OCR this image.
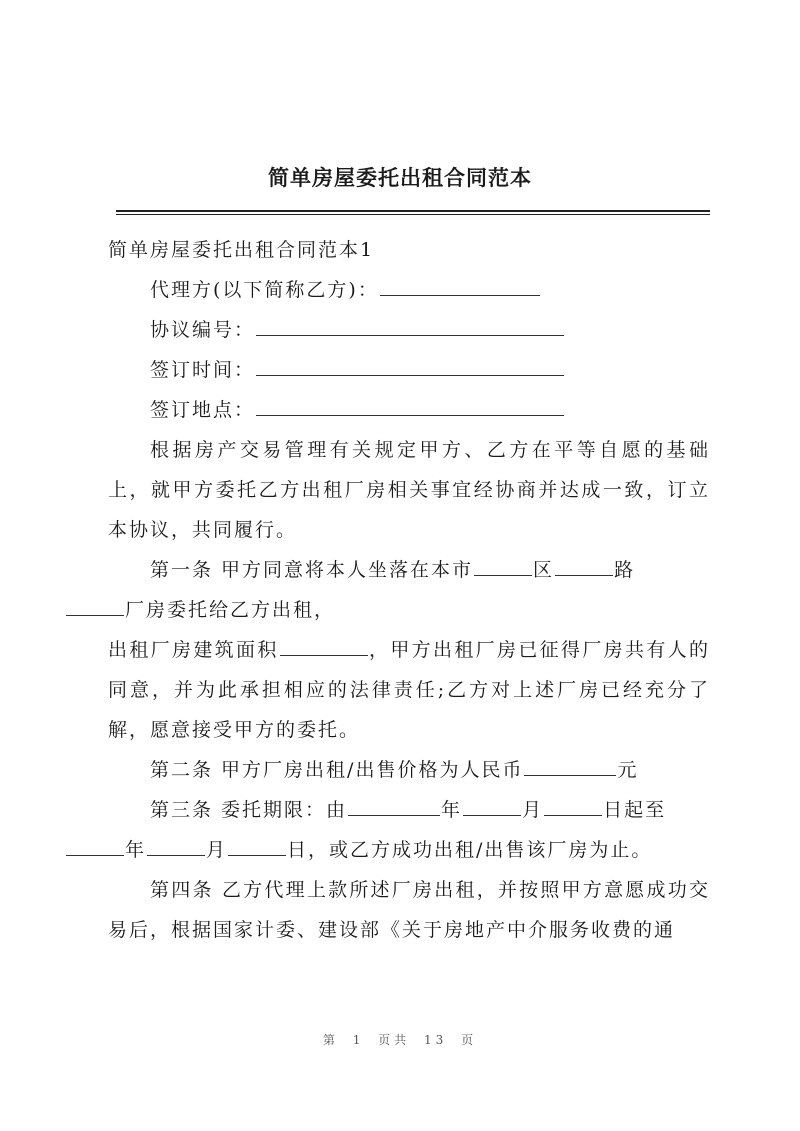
简单房屋委托出租合同范本

简单房屋委托出租合同范本1

代理方(以下简称乙方)：

协议编号：

签订时间：

签订地点：

根据房产交易管理有关规定甲方、乙方在平等自愿的基础上，就甲方委托乙方出租厂房相关事宜经协商并达成一致，订立本协议，共同履行。

第一条 甲方同意将本人坐落在本市	区	路
厂房委托给乙方出租，

出租厂房建筑面积	，甲方出租厂房已征得厂房共有人的同意，并为此承担相应的法律责任;乙方对上述厂房已经充分了解，愿意接受甲方的委托。

第二条 甲方厂房出租/出售价格为人民币	元

第三条 委托期限：由	年	月	日起至
年	月	日，或乙方成功出租/出售该厂房为止。

第四条 乙方代理上款所述厂房出租，并按照甲方意愿成功交易后，根据国家计委、建设部《关于房地产中介服务收费的通

第 1 页共 13 页
